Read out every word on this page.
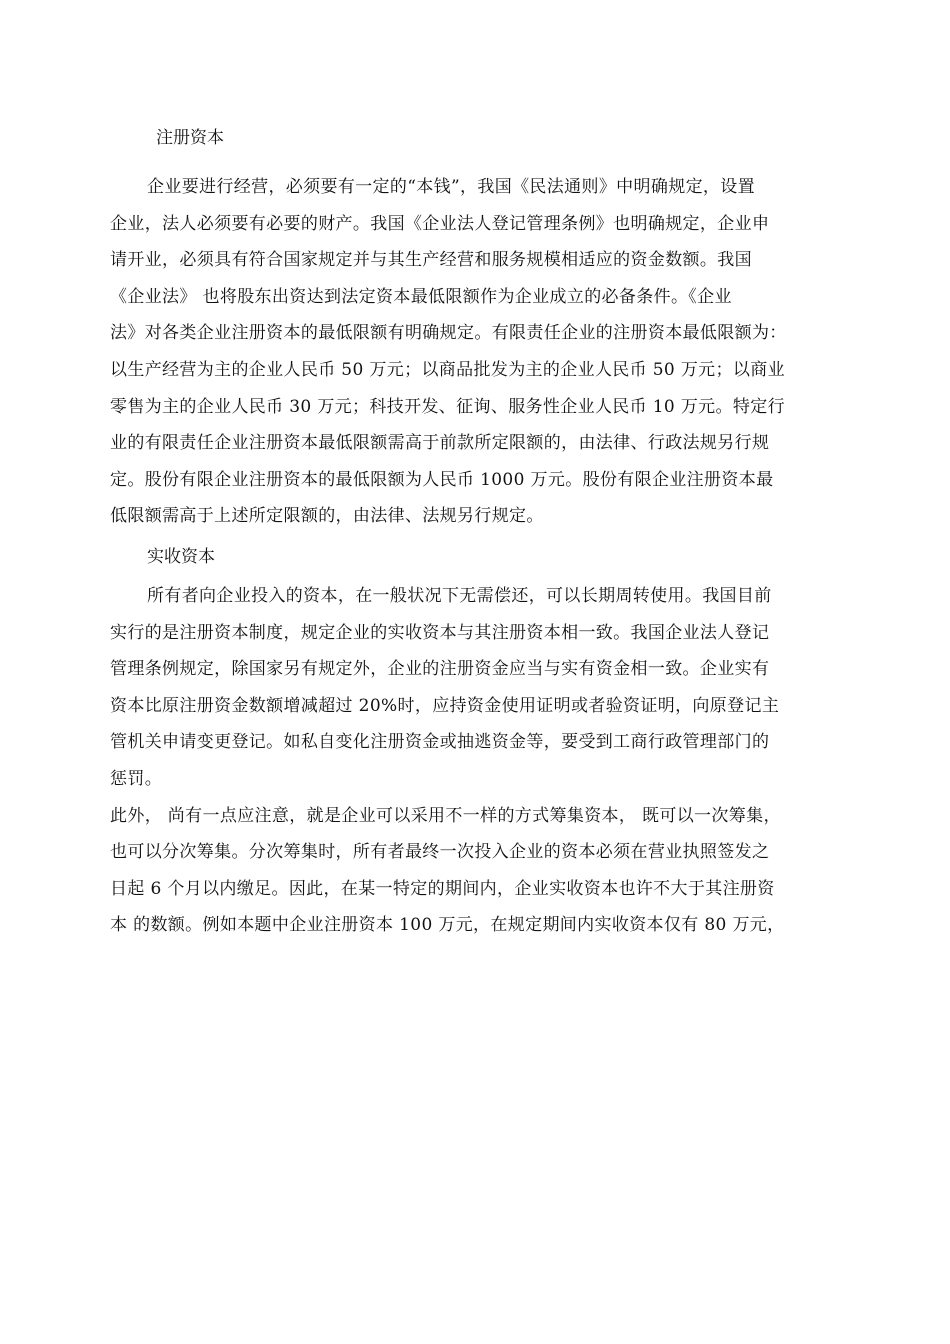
注册资本
企业要进行经营，必须要有一定的“本钱”，我国《民法通则》中明确规定，设置
企业，法人必须要有必要的财产。我国《企业法人登记管理条例》也明确规定，企业申
请开业，必须具有符合国家规定并与其生产经营和服务规模相适应的资金数额。我国
《企业法》 也将股东出资达到法定资本最低限额作为企业成立的必备条件。《企业
法》对各类企业注册资本的最低限额有明确规定。有限责任企业的注册资本最低限额为：
以生产经营为主的企业人民币 50 万元；以商品批发为主的企业人民币 50 万元；以商业
零售为主的企业人民币 30 万元；科技开发、征询、服务性企业人民币 10 万元。特定行
业的有限责任企业注册资本最低限额需高于前款所定限额的，由法律、行政法规另行规
定。股份有限企业注册资本的最低限额为人民币 1000 万元。股份有限企业注册资本最
低限额需高于上述所定限额的，由法律、法规另行规定。
实收资本
所有者向企业投入的资本，在一般状况下无需偿还，可以长期周转使用。我国目前
实行的是注册资本制度，规定企业的实收资本与其注册资本相一致。我国企业法人登记
管理条例规定，除国家另有规定外，企业的注册资金应当与实有资金相一致。企业实有
资本比原注册资金数额增减超过 20%时，应持资金使用证明或者验资证明，向原登记主
管机关申请变更登记。如私自变化注册资金或抽逃资金等，要受到工商行政管理部门的
惩罚。
此外， 尚有一点应注意，就是企业可以采用不一样的方式筹集资本， 既可以一次筹集，
也可以分次筹集。分次筹集时，所有者最终一次投入企业的资本必须在营业执照签发之
日起 6 个月以内缴足。因此，在某一特定的期间内，企业实收资本也许不大于其注册资
本 的数额。例如本题中企业注册资本 100 万元，在规定期间内实收资本仅有 80 万元，
